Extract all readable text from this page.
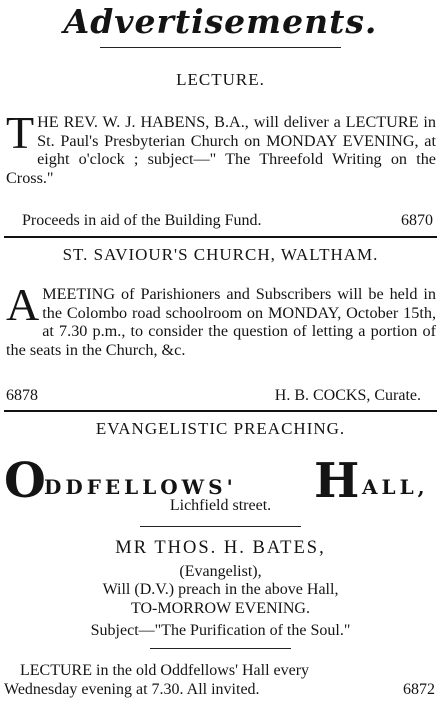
Advertisements.
LECTURE.
THE REV. W. J. HABENS, B.A., will deliver a LECTURE in St. Paul's Presbyterian Church on MONDAY EVENING, at eight o'clock ; subject—" The Threefold Writing on the Cross."
Proceeds in aid of the Building Fund.	6870
ST. SAVIOUR'S CHURCH, WALTHAM.
AMEETING of Parishioners and Subscribers will be held in the Colombo road schoolroom on MONDAY, October 15th, at 7.30 p.m., to consider the question of letting a portion of the seats in the Church, &c.
6878	H. B. COCKS, Curate.
EVANGELISTIC PREACHING.
O
DDFELLOWS' H ALL,
Lichfield street.
MR THOS. H. BATES,
(Evangelist),
Will (D.V.) preach in the above Hall,
TO-MORROW EVENING.
Subject—"The Purification of the Soul."
LECTURE in the old Oddfellows' Hall every
Wednesday evening at 7.30. All invited.	6872
